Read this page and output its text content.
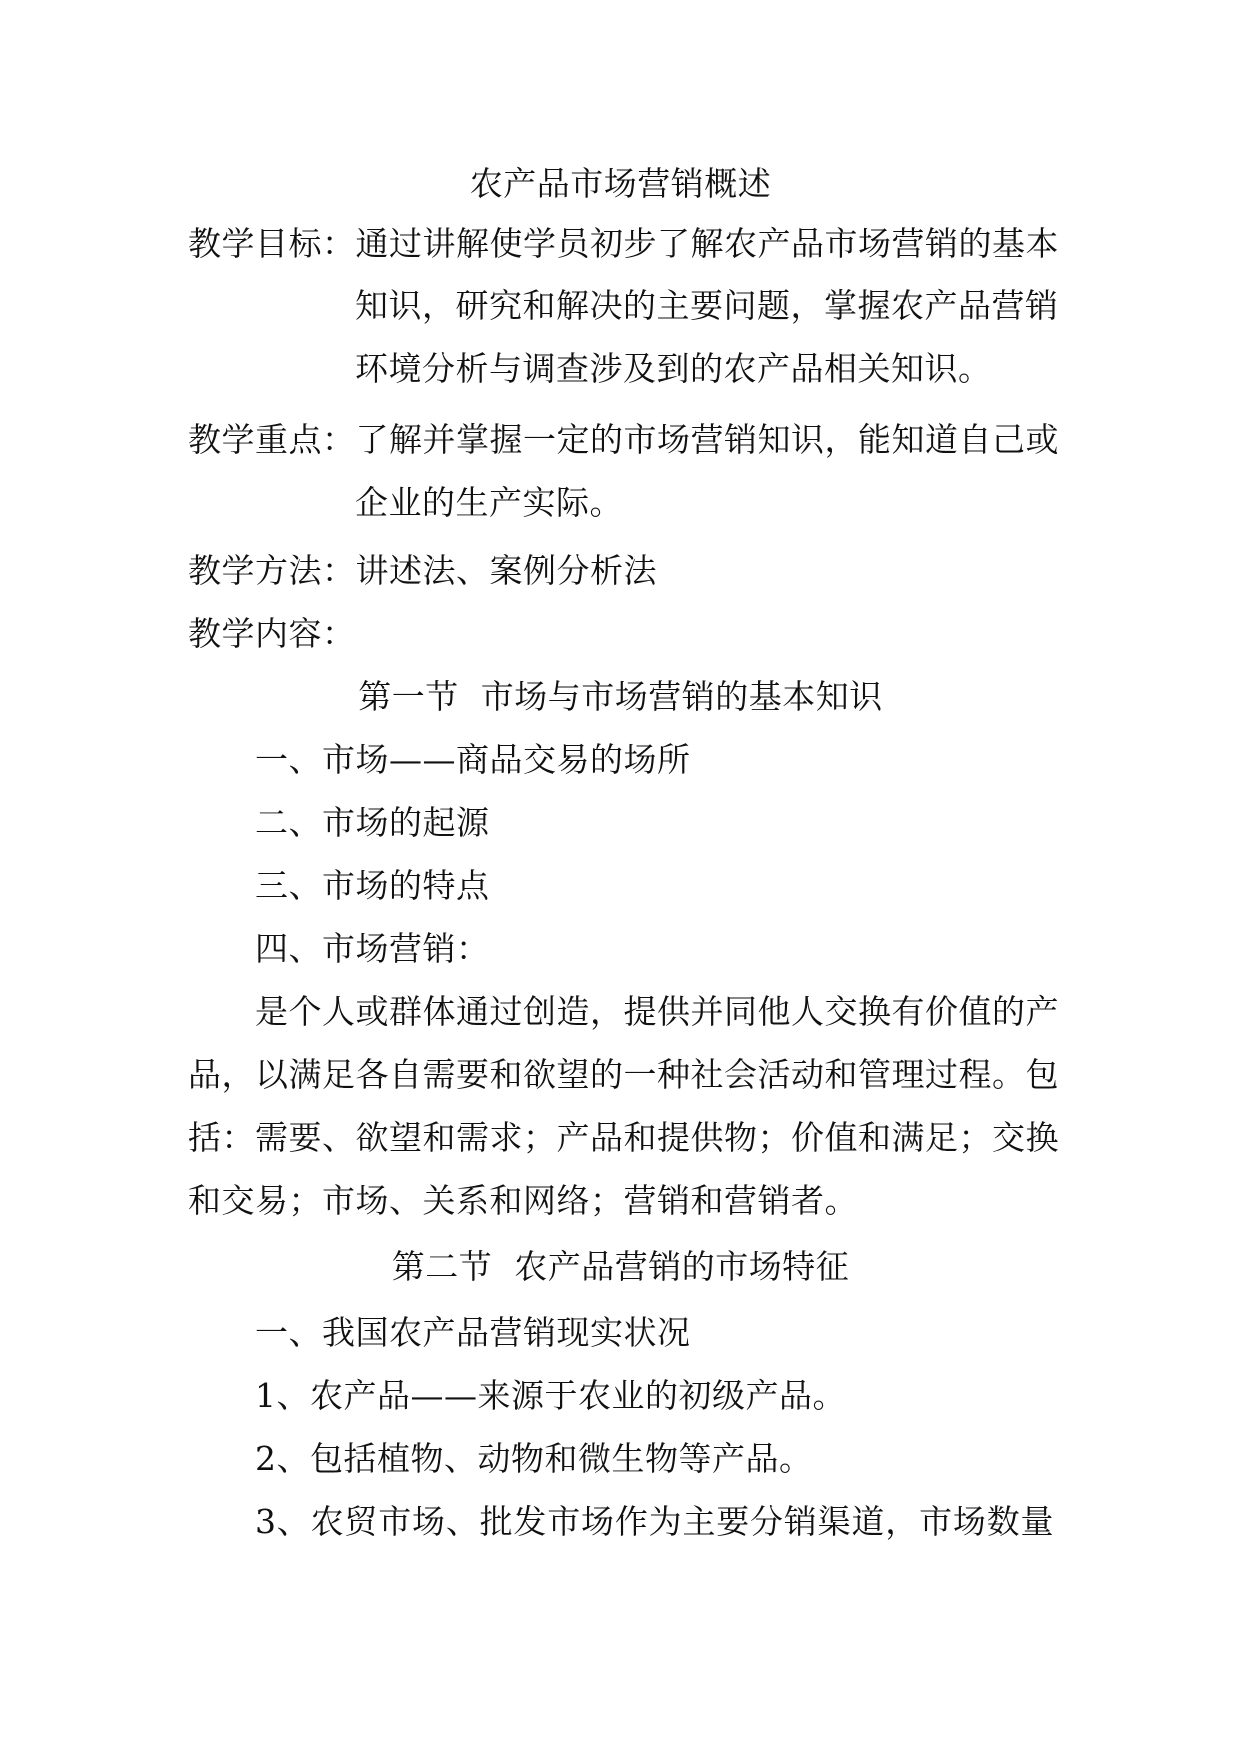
农产品市场营销概述
教学目标：通过讲解使学员初步了解农产品市场营销的基本
知识，研究和解决的主要问题，掌握农产品营销
环境分析与调查涉及到的农产品相关知识。
教学重点：了解并掌握一定的市场营销知识，能知道自己或
企业的生产实际。
教学方法：讲述法、案例分析法
教学内容：
第一节  市场与市场营销的基本知识
一、市场——商品交易的场所
二、市场的起源
三、市场的特点
四、市场营销：
是个人或群体通过创造，提供并同他人交换有价值的产
品，以满足各自需要和欲望的一种社会活动和管理过程。包
括：需要、欲望和需求；产品和提供物；价值和满足；交换
和交易；市场、关系和网络；营销和营销者。
第二节  农产品营销的市场特征
一、我国农产品营销现实状况
1、农产品——来源于农业的初级产品。
2、包括植物、动物和微生物等产品。
3、农贸市场、批发市场作为主要分销渠道，市场数量
